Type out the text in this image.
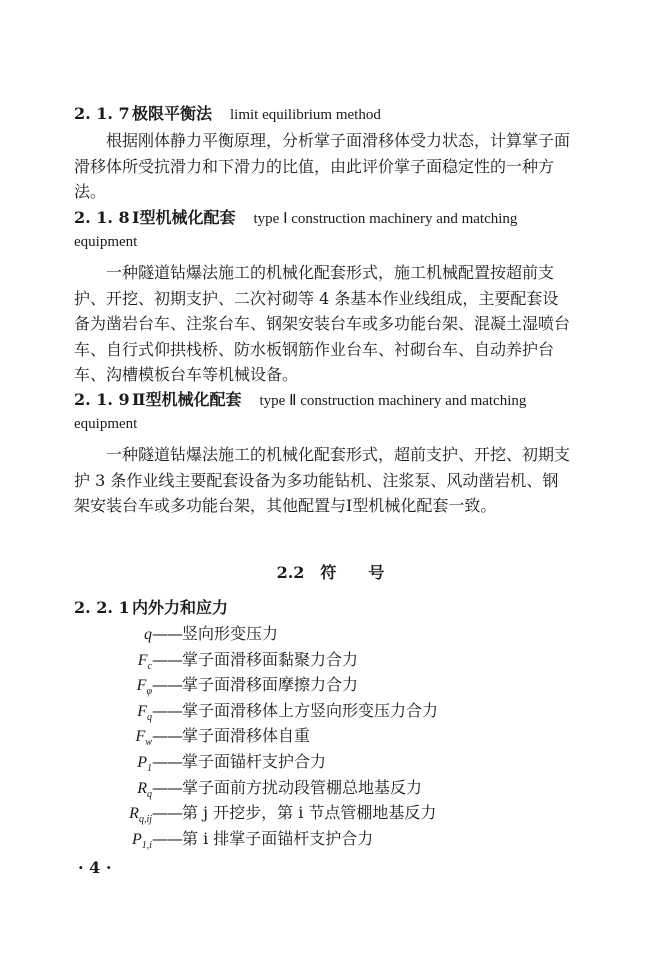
2. 1. 7 极限平衡法 limit equilibrium method

根据刚体静力平衡原理，分析掌子面滑移体受力状态，计算掌子面滑移体所受抗滑力和下滑力的比值，由此评价掌子面稳定性的一种方法。

2. 1. 8 Ⅰ型机械化配套 type Ⅰ construction machinery and matching
equipment

一种隧道钻爆法施工的机械化配套形式，施工机械配置按超前支护、开挖、初期支护、二次衬砌等 4 条基本作业线组成，主要配套设备为凿岩台车、注浆台车、钢架安装台车或多功能台架、混凝土湿喷台车、自行式仰拱栈桥、防水板钢筋作业台车、衬砌台车、自动养护台车、沟槽模板台车等机械设备。

2. 1. 9 Ⅱ型机械化配套 type Ⅱ construction machinery and matching
equipment

一种隧道钻爆法施工的机械化配套形式，超前支护、开挖、初期支护 3 条作业线主要配套设备为多功能钻机、注浆泵、风动凿岩机、钢架安装台车或多功能台架，其他配置与Ⅰ型机械化配套一致。

2.2　符　　号
2. 2. 1 内外力和应力
q——竖向形变压力
$F_c——$掌子面滑移面黏聚力合力
$F_\varphi——$掌子面滑移面摩擦力合力
$F_q——$掌子面滑移体上方竖向形变压力合力
$F_w——$掌子面滑移体自重
$P_1——$掌子面锚杆支护合力
$R_q——$掌子面前方扰动段管棚总地基反力
$R_{q,ij}——$第 j 开挖步，第 i 节点管棚地基反力
$P_{1,i}——$第 i 排掌子面锚杆支护合力
· 4 ·
